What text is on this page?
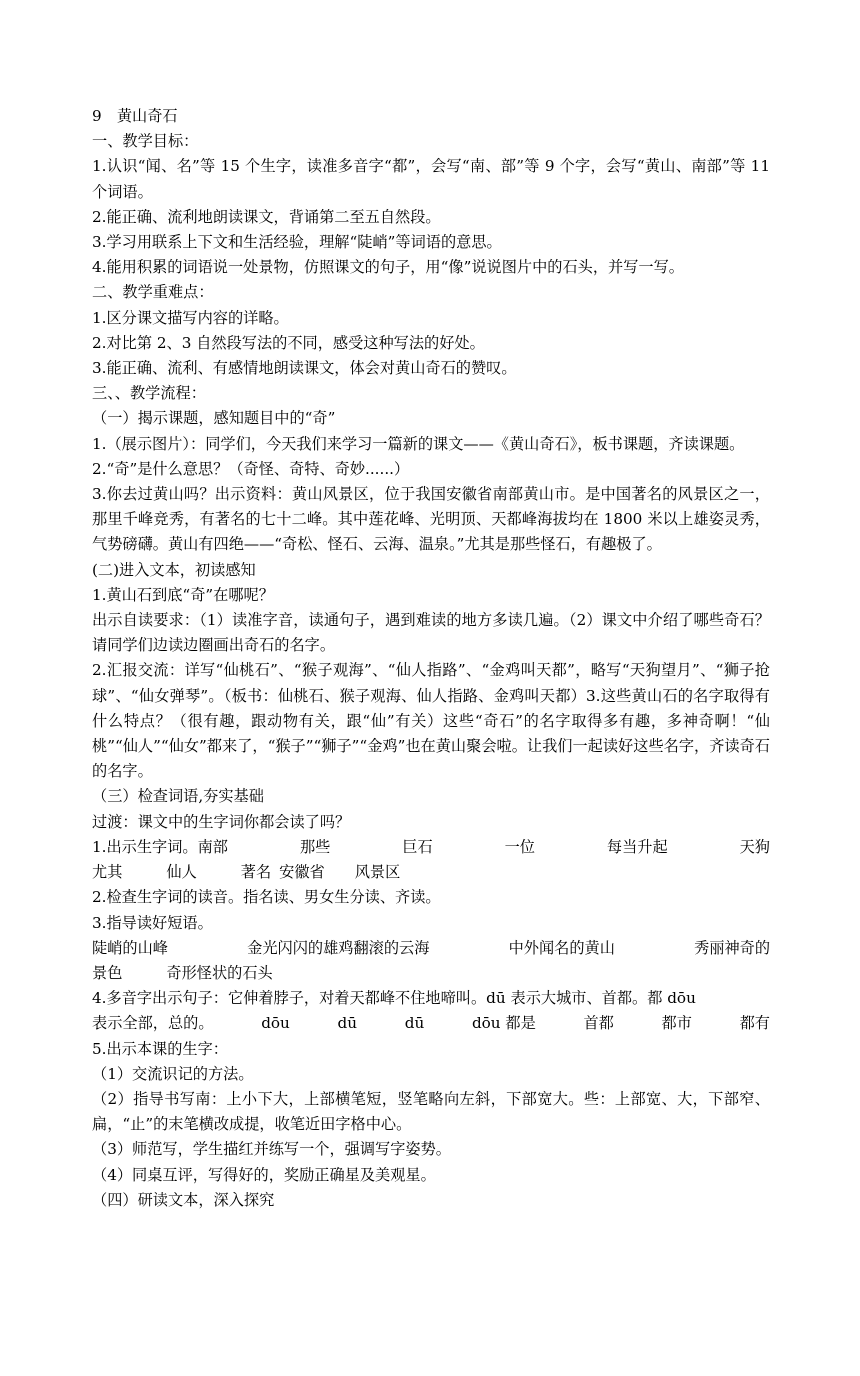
9　黄山奇石

一、教学目标：

1.认识“闻、名”等 15 个生字，读准多音字“都”，会写“南、部”等 9 个字，会写“黄山、南部”等 11 个词语。

2.能正确、流利地朗读课文，背诵第二至五自然段。

3.学习用联系上下文和生活经验，理解“陡峭”等词语的意思。

4.能用积累的词语说一处景物，仿照课文的句子，用“像”说说图片中的石头，并写一写。

二、教学重难点：

1.区分课文描写内容的详略。

2.对比第 2、3 自然段写法的不同，感受这种写法的好处。

3.能正确、流利、有感情地朗读课文，体会对黄山奇石的赞叹。

三、、教学流程：

（一）揭示课题，感知题目中的“奇”

1.（展示图片）：同学们，今天我们来学习一篇新的课文——《黄山奇石》，板书课题，齐读课题。

2.“奇”是什么意思？（奇怪、奇特、奇妙......）

3.你去过黄山吗？出示资料：黄山风景区，位于我国安徽省南部黄山市。是中国著名的风景区之一，那里千峰竞秀，有著名的七十二峰。其中莲花峰、光明顶、天都峰海拔均在 1800 米以上雄姿灵秀，气势磅礴。黄山有四绝——“奇松、怪石、云海、温泉。”尤其是那些怪石，有趣极了。

(二)进入文本，初读感知

1.黄山石到底“奇”在哪呢？

出示自读要求：（1）读准字音，读通句子，遇到难读的地方多读几遍。（2）课文中介绍了哪些奇石？请同学们边读边圈画出奇石的名字。

2.汇报交流：详写“仙桃石”、“猴子观海”、“仙人指路”、“金鸡叫天都”，略写“天狗望月”、“狮子抢球”、“仙女弹琴”。（板书：仙桃石、猴子观海、仙人指路、金鸡叫天都）3.这些黄山石的名字取得有什么特点？（很有趣，跟动物有关，跟“仙”有关）这些“奇石”的名字取得多有趣，多神奇啊！“仙桃”“仙人”“仙女”都来了，“猴子”“狮子”“金鸡”也在黄山聚会啦。让我们一起读好这些名字，齐读奇石的名字。

（三）检查词语,夯实基础

过渡：课文中的生字词你都会读了吗？

1.出示生字词。南部	那些	巨石	一位	每当升起	天狗
尤其	仙人	著名 安徽省 风景区

2.检查生字词的读音。指名读、男女生分读、齐读。

3.指导读好短语。

陡峭的山峰	金光闪闪的雄鸡翻滚的云海	中外闻名的黄山	秀丽神奇的
景色	奇形怪状的石头

4.多音字出示句子：它伸着脖子，对着天都峰不住地啼叫。dū 表示大城市、首都。都 dōu

表示全部，总的。	dōu	dū	dū	dōu 都是	首都	都市	都有

5.出示本课的生字：

（1）交流识记的方法。

（2）指导书写南：上小下大，上部横笔短，竖笔略向左斜，下部宽大。些：上部宽、大，下部窄、扁，“止”的末笔横改成提，收笔近田字格中心。

（3）师范写，学生描红并练写一个，强调写字姿势。

（4）同桌互评，写得好的，奖励正确星及美观星。

（四）研读文本，深入探究
